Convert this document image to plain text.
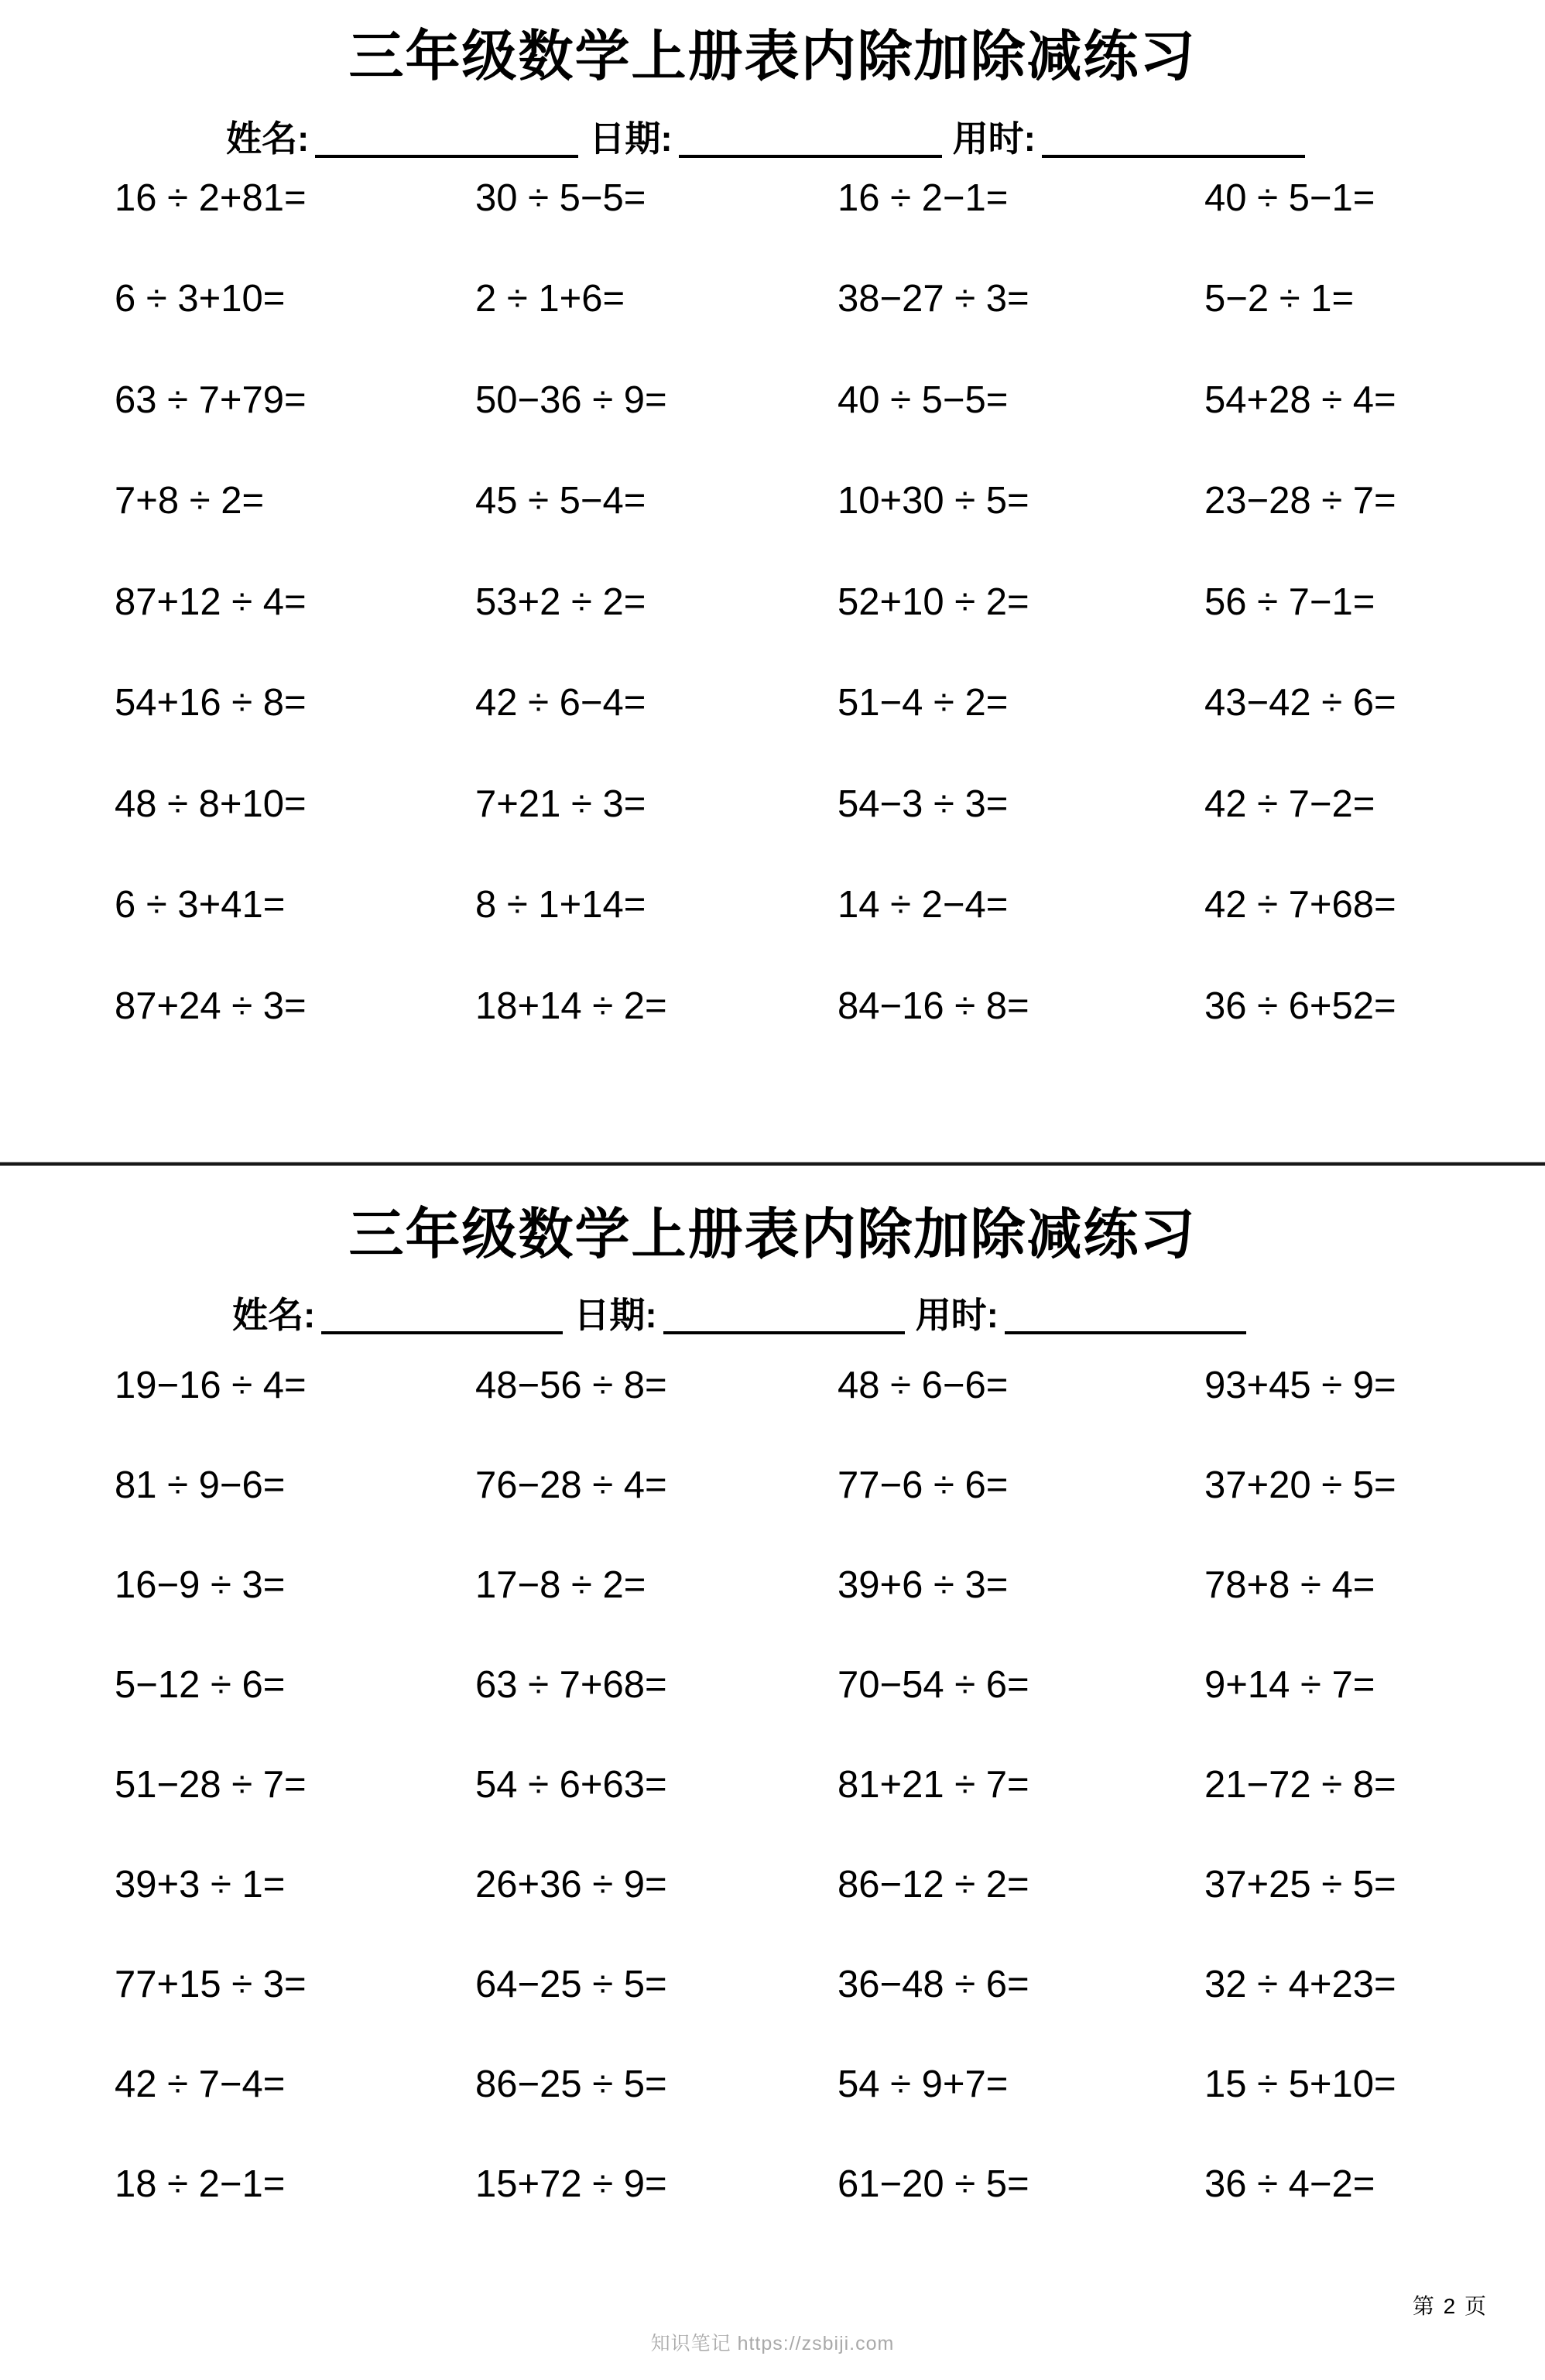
三年级数学上册表内除加除减练习
姓名:	日期:	用时:
16 ÷ 2+81=	30 ÷ 5−5=	16 ÷ 2−1=	40 ÷ 5−1=
6 ÷ 3+10=	2 ÷ 1+6=	38−27 ÷ 3=	5−2 ÷ 1=
63 ÷ 7+79=	50−36 ÷ 9=	40 ÷ 5−5=	54+28 ÷ 4=
7+8 ÷ 2=	45 ÷ 5−4=	10+30 ÷ 5=	23−28 ÷ 7=
87+12 ÷ 4=	53+2 ÷ 2=	52+10 ÷ 2=	56 ÷ 7−1=
54+16 ÷ 8=	42 ÷ 6−4=	51−4 ÷ 2=	43−42 ÷ 6=
48 ÷ 8+10=	7+21 ÷ 3=	54−3 ÷ 3=	42 ÷ 7−2=
6 ÷ 3+41=	8 ÷ 1+14=	14 ÷ 2−4=	42 ÷ 7+68=
87+24 ÷ 3=	18+14 ÷ 2=	84−16 ÷ 8=	36 ÷ 6+52=
三年级数学上册表内除加除减练习
姓名:	日期:	用时:
19−16 ÷ 4=	48−56 ÷ 8=	48 ÷ 6−6=	93+45 ÷ 9=
81 ÷ 9−6=	76−28 ÷ 4=	77−6 ÷ 6=	37+20 ÷ 5=
16−9 ÷ 3=	17−8 ÷ 2=	39+6 ÷ 3=	78+8 ÷ 4=
5−12 ÷ 6=	63 ÷ 7+68=	70−54 ÷ 6=	9+14 ÷ 7=
51−28 ÷ 7=	54 ÷ 6+63=	81+21 ÷ 7=	21−72 ÷ 8=
39+3 ÷ 1=	26+36 ÷ 9=	86−12 ÷ 2=	37+25 ÷ 5=
77+15 ÷ 3=	64−25 ÷ 5=	36−48 ÷ 6=	32 ÷ 4+23=
42 ÷ 7−4=	86−25 ÷ 5=	54 ÷ 9+7=	15 ÷ 5+10=
18 ÷ 2−1=	15+72 ÷ 9=	61−20 ÷ 5=	36 ÷ 4−2=
第 2 页
知识笔记 https://zsbiji.com
